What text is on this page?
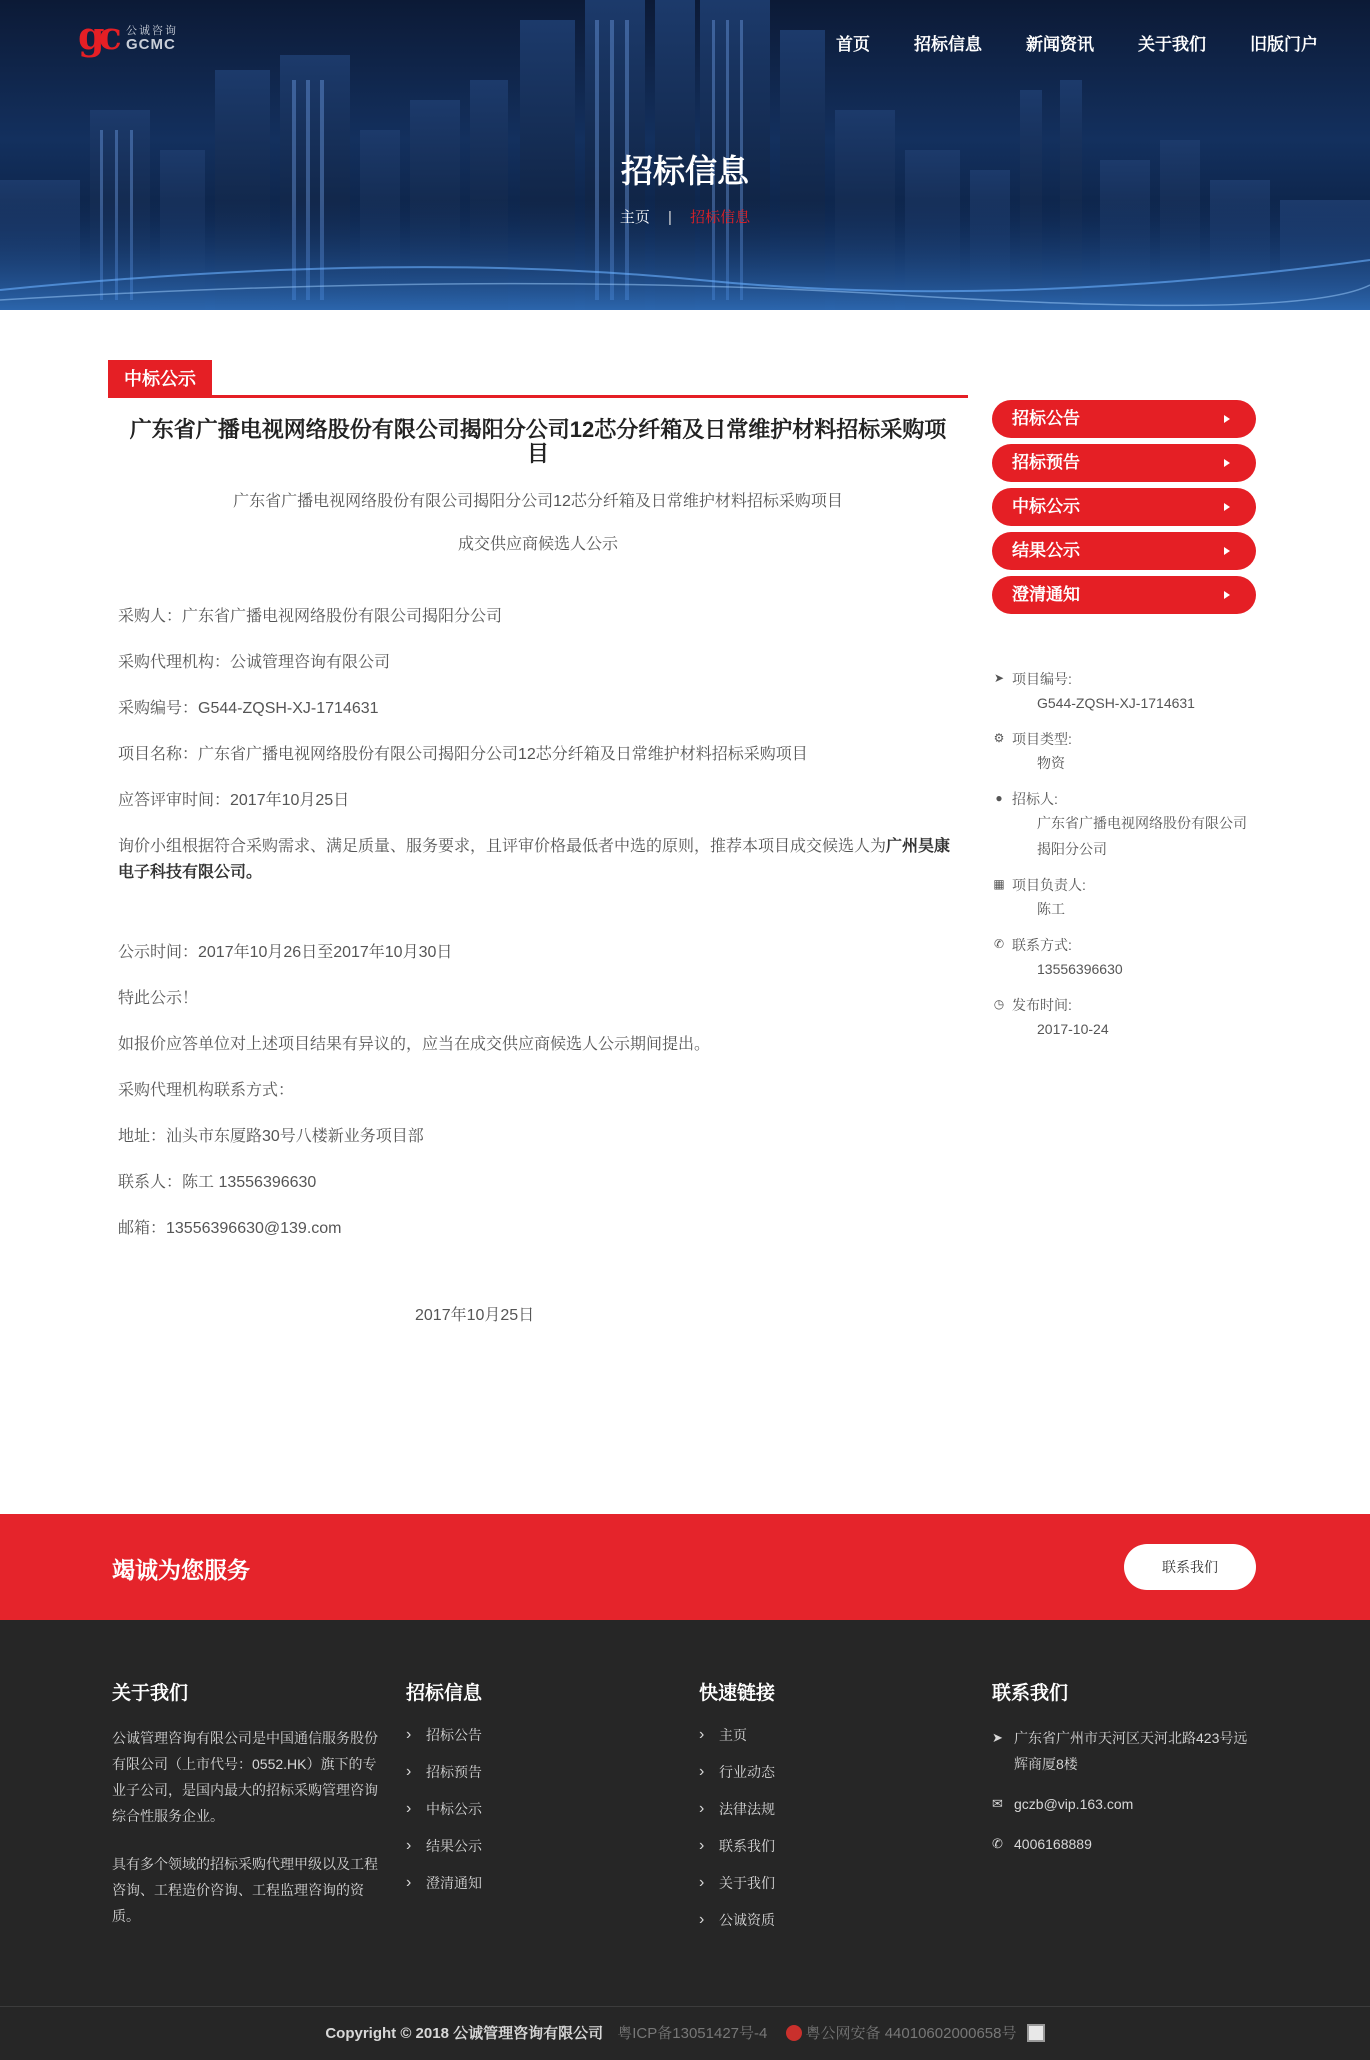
gc 公诚咨询
GCMC	首页	招标信息	新闻资讯	关于我们	旧版门户
招标信息
主页 | 招标信息
中标公示
广东省广播电视网络股份有限公司揭阳分公司12芯分纤箱及日常维护材料招标采购项目
广东省广播电视网络股份有限公司揭阳分公司12芯分纤箱及日常维护材料招标采购项目
成交供应商候选人公示

采购人：广东省广播电视网络股份有限公司揭阳分公司

采购代理机构：公诚管理咨询有限公司

采购编号：G544-ZQSH-XJ-1714631

项目名称：广东省广播电视网络股份有限公司揭阳分公司12芯分纤箱及日常维护材料招标采购项目

应答评审时间：2017年10月25日

询价小组根据符合采购需求、满足质量、服务要求，且评审价格最低者中选的原则，推荐本项目成交候选人为广州昊康电子科技有限公司。

公示时间：2017年10月26日至2017年10月30日

特此公示！

如报价应答单位对上述项目结果有异议的，应当在成交供应商候选人公示期间提出。

采购代理机构联系方式：

地址：汕头市东厦路30号八楼新业务项目部

联系人：陈工 13556396630

邮箱：13556396630@139.com

2017年10月25日
招标公告
招标预告
中标公示
结果公示
澄清通知
➤ 项目编号:
G544-ZQSH-XJ-1714631
⚙ 项目类型:
物资
● 招标人:
广东省广播电视网络股份有限公司揭阳分公司
▦ 项目负责人:
陈工
✆ 联系方式:
13556396630
◷ 发布时间:
2017-10-24
竭诚为您服务	联系我们
关于我们

公诚管理咨询有限公司是中国通信服务股份有限公司（上市代号：0552.HK）旗下的专业子公司，是国内最大的招标采购管理咨询综合性服务企业。

具有多个领域的招标采购代理甲级以及工程咨询、工程造价咨询、工程监理咨询的资质。

招标信息
› 招标公告
› 招标预告
› 中标公示
› 结果公示
› 澄清通知
快速链接
› 主页
› 行业动态
› 法律法规
› 联系我们
› 关于我们
› 公诚资质
联系我们
➤ 广东省广州市天河区天河北路423号远辉商厦8楼
✉ gczb@vip.163.com
✆ 4006168889
Copyright © 2018 公诚管理咨询有限公司 粤ICP备13051427号-4	粤公网安备 44010602000658号
